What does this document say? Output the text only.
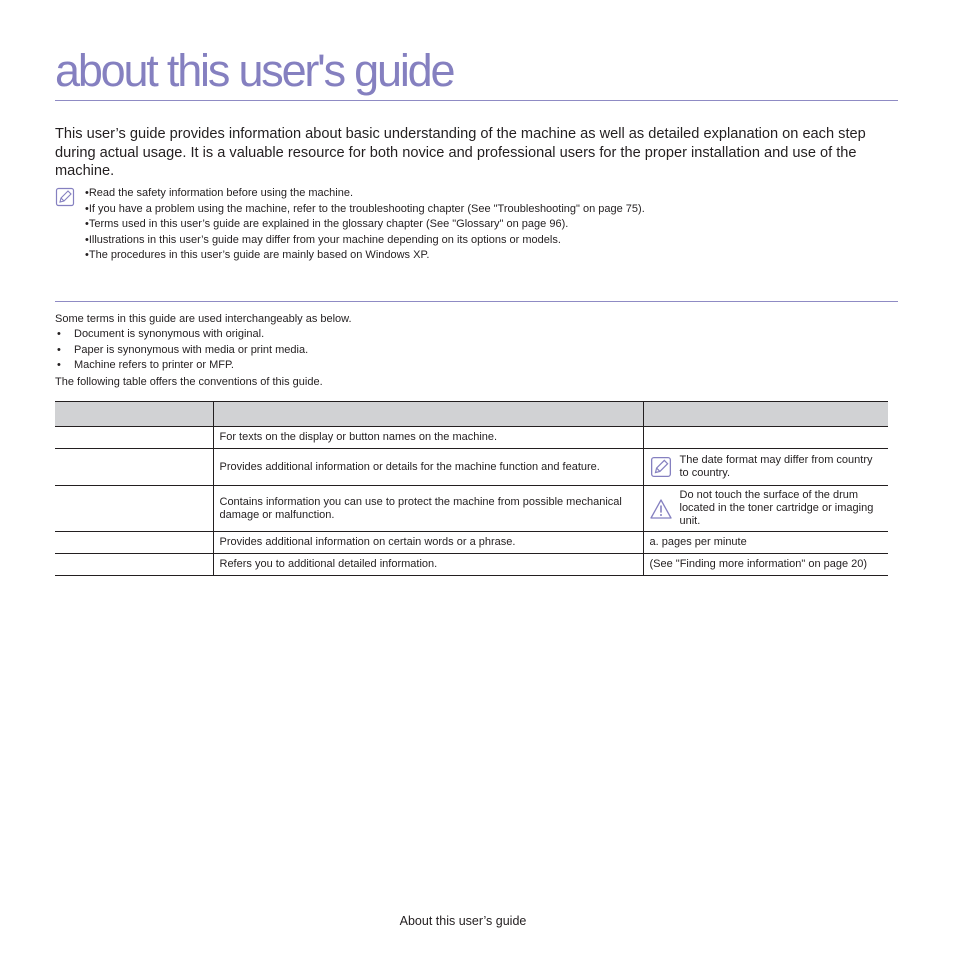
about this user's guide

This user’s guide provides information about basic understanding of the machine as well as detailed explanation on each step during actual usage. It is a valuable resource for both novice and professional users for the proper installation and use of the machine.

•Read the safety information before using the machine.
•If you have a problem using the machine, refer to the troubleshooting chapter (See "Troubleshooting" on page 75).
•Terms used in this user’s guide are explained in the glossary chapter (See "Glossary" on page 96).
•Illustrations in this user’s guide may differ from your machine depending on its options or models.
•The procedures in this user’s guide are mainly based on Windows XP.

Some terms in this guide are used interchangeably as below.

• Document is synonymous with original.
• Paper is synonymous with media or print media.
• Machine refers to printer or MFP.

The following table offers the conventions of this guide.

	For texts on the display or button names on the machine.	
	Provides additional information or details for the machine function and feature.	The date format may differ from country to country.

	Contains information you can use to protect the machine from possible mechanical damage or malfunction.	Do not touch the surface of the drum located in the toner cartridge or imaging unit.

	Provides additional information on certain words or a phrase.	a. pages per minute
	Refers you to additional detailed information.	(See "Finding more information" on page 20)

About this user’s guide
